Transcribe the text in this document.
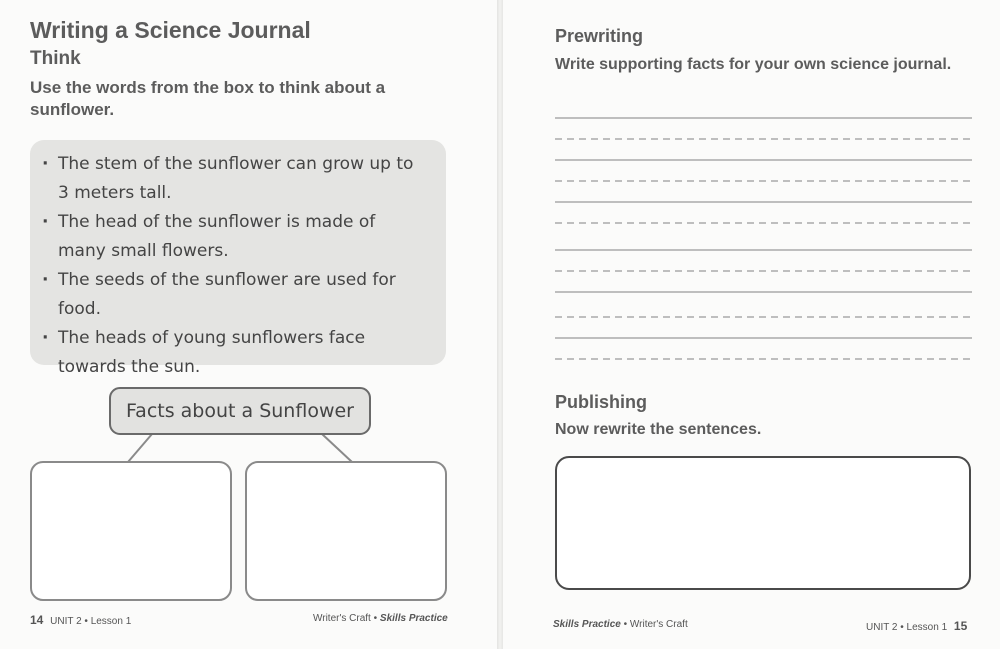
Writing a Science Journal
Think
Use the words from the box to think about a sunflower.
· The stem of the sunflower can grow up to 3 meters tall.
· The head of the sunflower is made of many small flowers.
· The seeds of the sunflower are used for food.
· The heads of young sunflowers face towards the sun.
Facts about a Sunflower
14 UNIT 2 • Lesson 1	Writer's Craft • Skills Practice
Prewriting
Write supporting facts for your own science journal.
Publishing
Now rewrite the sentences.
Skills Practice • Writer's Craft	UNIT 2 • Lesson 1 15
